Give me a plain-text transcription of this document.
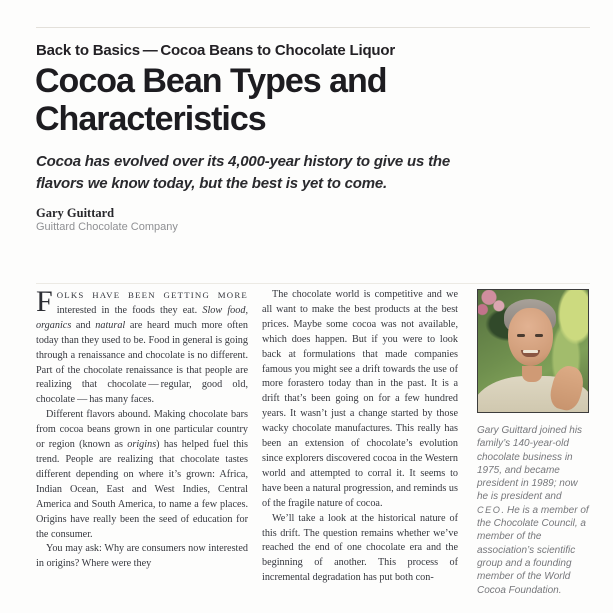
Back to Basics — Cocoa Beans to Chocolate Liquor
Cocoa Bean Types and
Characteristics
Cocoa has evolved over its 4,000-year history to give us the
flavors we know today, but the best is yet to come.
Gary Guittard
Guittard Chocolate Company

FOLKS HAVE BEEN GETTING MORE interested in the foods they eat. Slow food, organics and natural are heard much more often today than they used to be. Food in general is going through a renaissance and chocolate is no different. Part of the chocolate renaissance is that people are realizing that chocolate — regular, good old, chocolate — has many faces.

Different flavors abound. Making chocolate bars from cocoa beans grown in one particular country or region (known as origins) has helped fuel this trend. People are realizing that chocolate tastes different depending on where it’s grown: Africa, Indian Ocean, East and West Indies, Central America and South America, to name a few places. Origins have really been the seed of education for the consumer.

You may ask: Why are consumers now interested in origins? Where were they

The chocolate world is competitive and we all want to make the best products at the best prices. Maybe some cocoa was not available, which does happen. But if you were to look back at formulations that made companies famous you might see a drift towards the use of more forastero today than in the past. It is a drift that’s been going on for a few hundred years. It wasn’t just a change started by those wacky chocolate manufactures. This really has been an extension of chocolate’s evolution since explorers discovered cocoa in the Western world and attempted to corral it. It seems to have been a natural progression, and reminds us of the fragile nature of cocoa.

We’ll take a look at the historical nature of this drift. The question remains whether we’ve reached the end of one chocolate era and the beginning of another. This process of incremental degradation has put both con-

Gary Guittard joined his family’s 140-year-old chocolate business in 1975, and became president in 1989; now he is president and CEO. He is a member of the Chocolate Council, a member of the association’s scientific group and a founding member of the World Cocoa Foundation.
